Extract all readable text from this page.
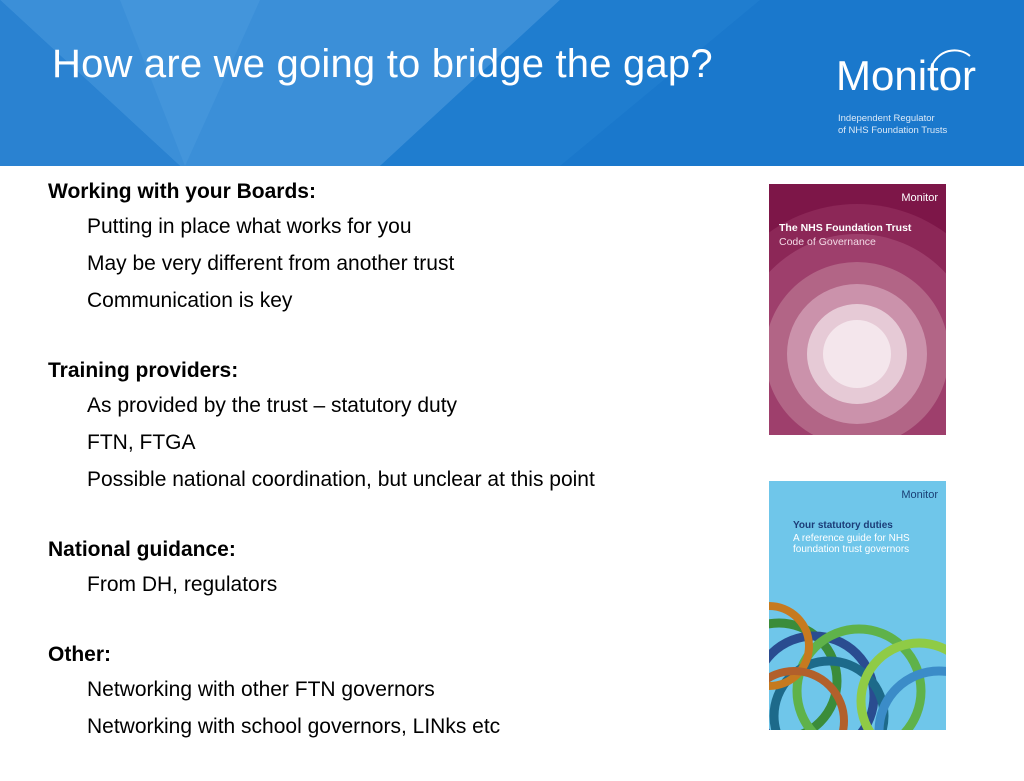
How are we going to bridge the gap?	Monitor
Independent Regulator
of NHS Foundation Trusts
Working with your Boards:
Putting in place what works for you
May be very different from another trust
Communication is key
Training providers:
As provided by the trust – statutory duty
FTN, FTGA
Possible national coordination, but unclear at this point
National guidance:
From DH, regulators
Other:
Networking with other FTN governors
Networking with school governors, LINks etc
Monitor
The NHS Foundation Trust
Code of Governance
Monitor
Your statutory duties
A reference guide for NHS foundation trust governors
